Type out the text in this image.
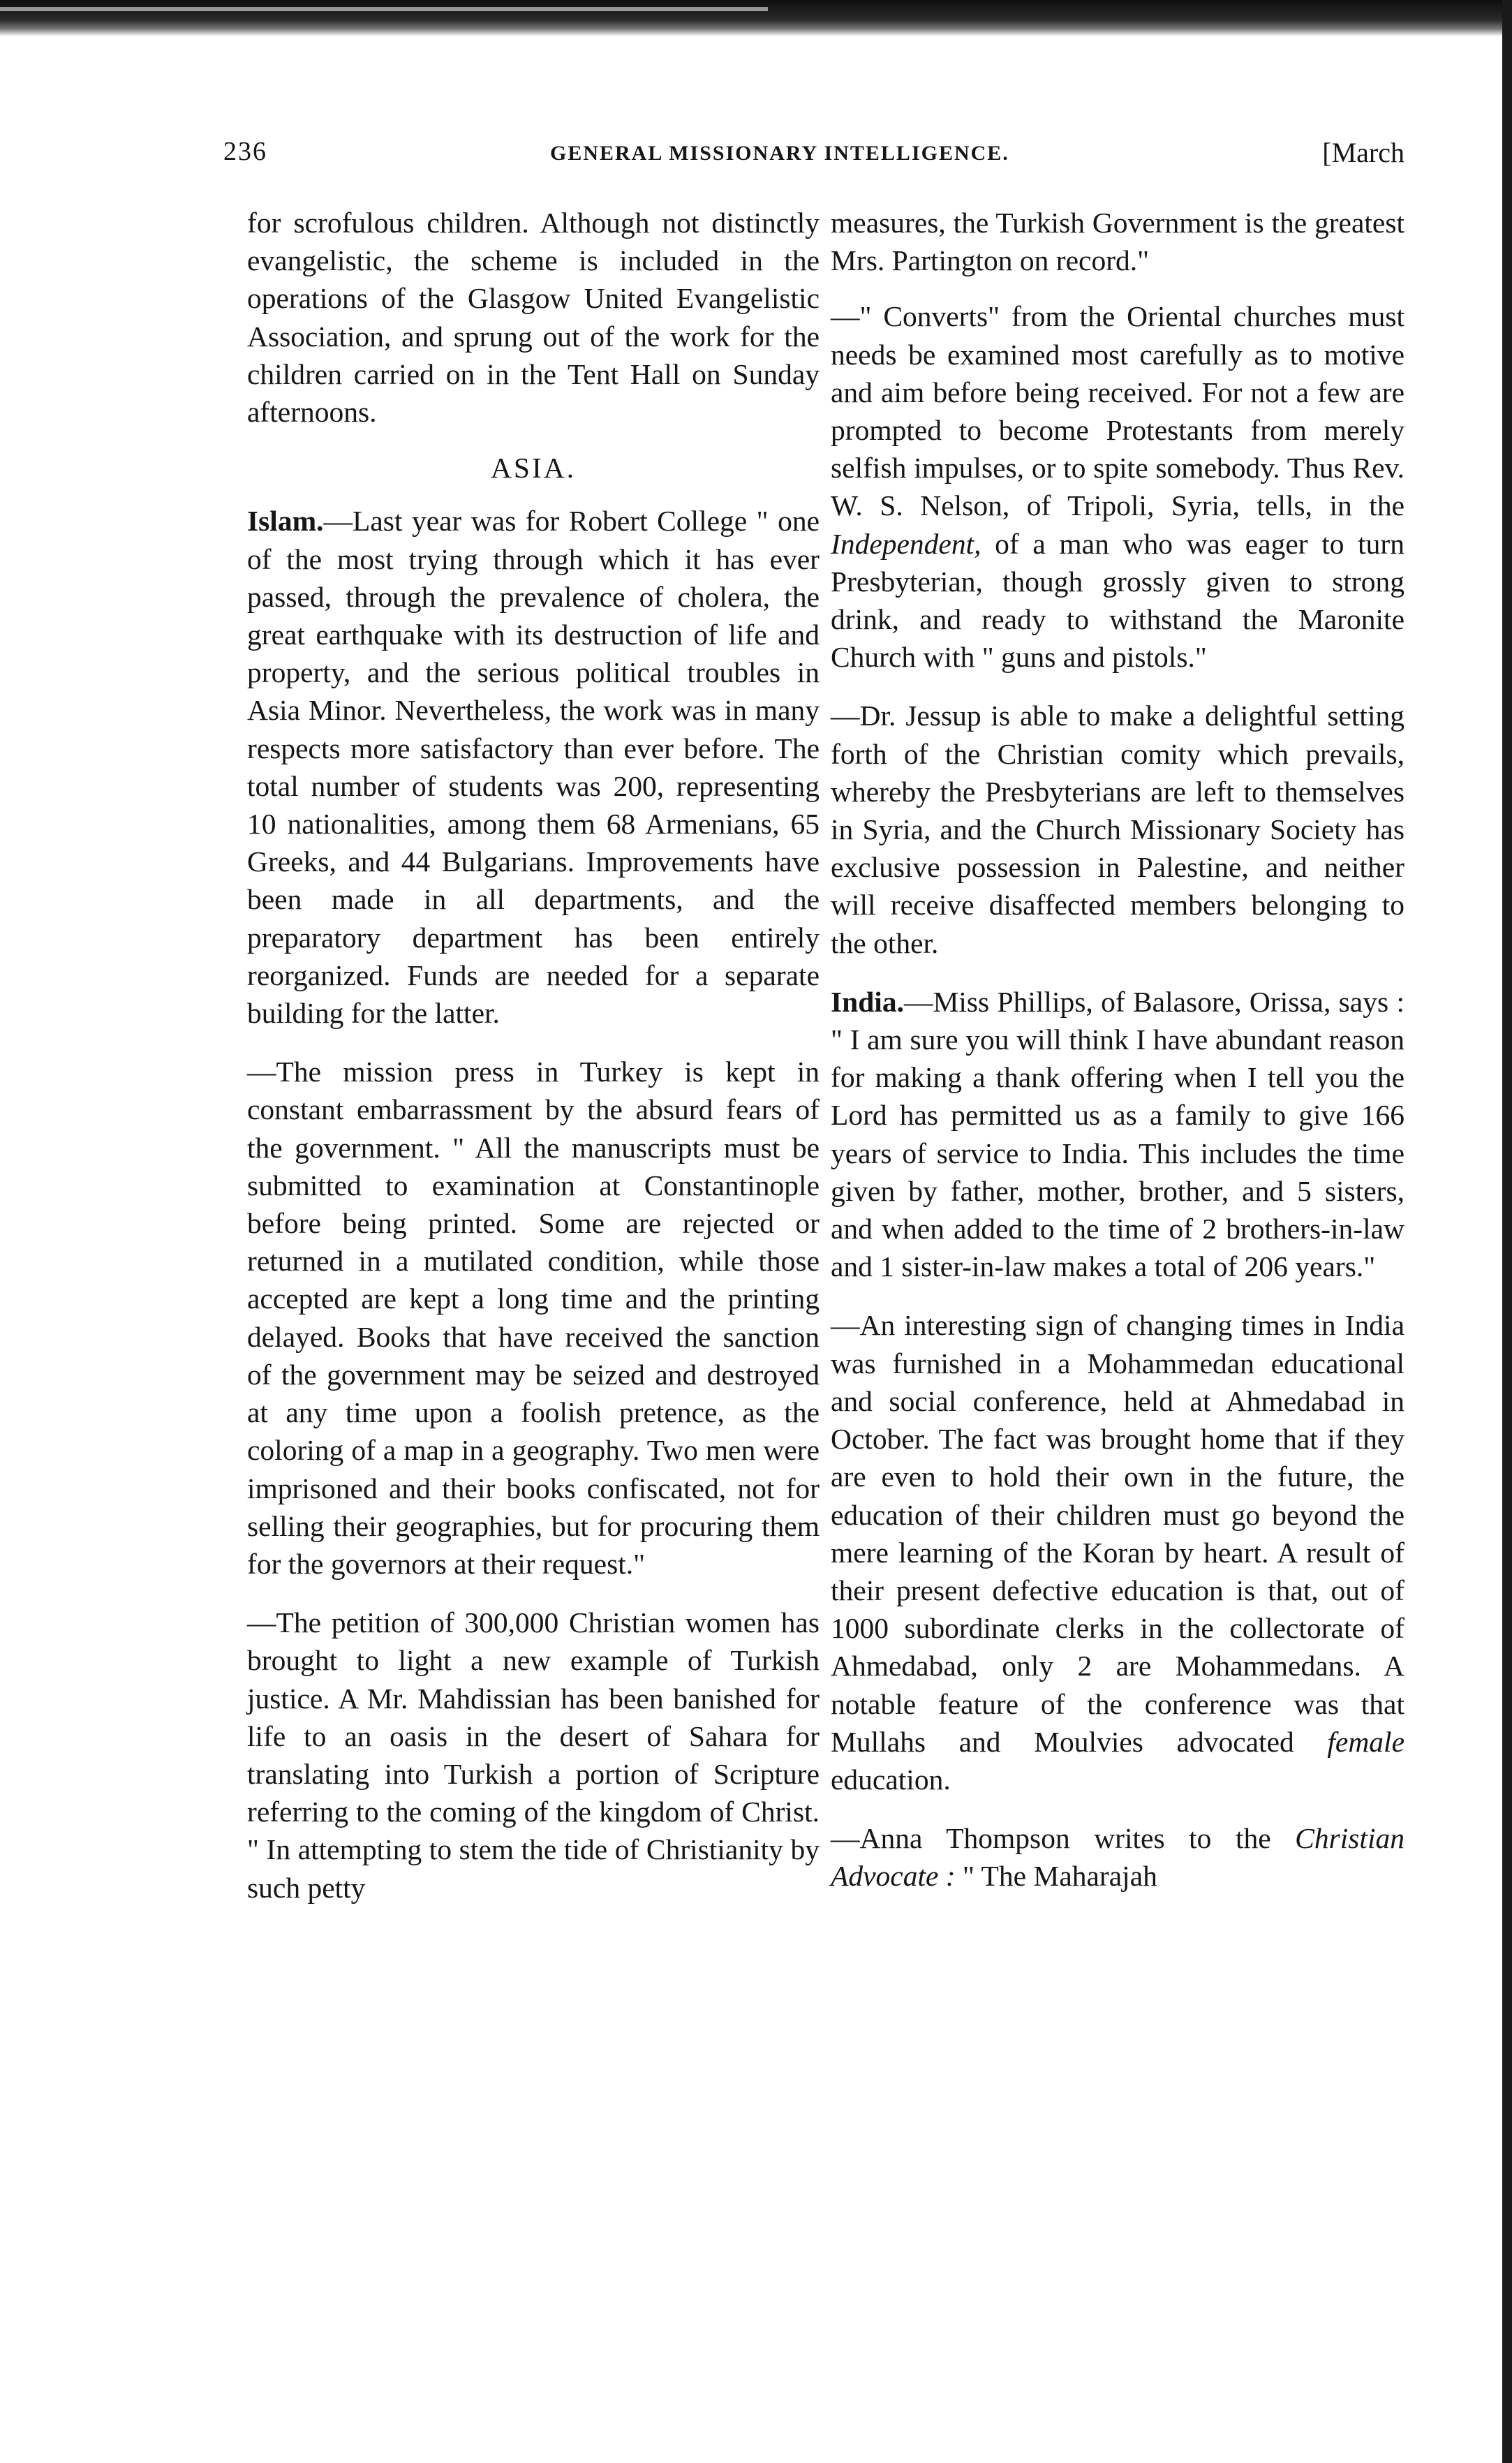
236	GENERAL MISSIONARY INTELLIGENCE.	[March

for scrofulous children. Although not distinctly evangelistic, the scheme is included in the operations of the Glasgow United Evangelistic Association, and sprung out of the work for the children carried on in the Tent Hall on Sunday afternoons.

ASIA.

Islam.—Last year was for Robert College " one of the most trying through which it has ever passed, through the prevalence of cholera, the great earthquake with its destruction of life and property, and the serious political troubles in Asia Minor. Nevertheless, the work was in many respects more satisfactory than ever before. The total number of students was 200, representing 10 nationalities, among them 68 Armenians, 65 Greeks, and 44 Bulgarians. Improvements have been made in all departments, and the preparatory department has been entirely reorganized. Funds are needed for a separate building for the latter.

—The mission press in Turkey is kept in constant embarrassment by the absurd fears of the government. " All the manuscripts must be submitted to examination at Constantinople before being printed. Some are rejected or returned in a mutilated condition, while those accepted are kept a long time and the printing delayed. Books that have received the sanction of the government may be seized and destroyed at any time upon a foolish pretence, as the coloring of a map in a geography. Two men were imprisoned and their books confiscated, not for selling their geographies, but for procuring them for the governors at their request."

—The petition of 300,000 Christian women has brought to light a new example of Turkish justice. A Mr. Mahdissian has been banished for life to an oasis in the desert of Sahara for translating into Turkish a portion of Scripture referring to the coming of the kingdom of Christ. " In attempting to stem the tide of Christianity by such petty

measures, the Turkish Government is the greatest Mrs. Partington on record."

—" Converts" from the Oriental churches must needs be examined most carefully as to motive and aim before being received. For not a few are prompted to become Protestants from merely selfish impulses, or to spite somebody. Thus Rev. W. S. Nelson, of Tripoli, Syria, tells, in the Independent, of a man who was eager to turn Presbyterian, though grossly given to strong drink, and ready to withstand the Maronite Church with " guns and pistols."

—Dr. Jessup is able to make a delightful setting forth of the Christian comity which prevails, whereby the Presbyterians are left to themselves in Syria, and the Church Missionary Society has exclusive possession in Palestine, and neither will receive disaffected members belonging to the other.

India.—Miss Phillips, of Balasore, Orissa, says : " I am sure you will think I have abundant reason for making a thank offering when I tell you the Lord has permitted us as a family to give 166 years of service to India. This includes the time given by father, mother, brother, and 5 sisters, and when added to the time of 2 brothers-in-law and 1 sister-in-law makes a total of 206 years."

—An interesting sign of changing times in India was furnished in a Mohammedan educational and social conference, held at Ahmedabad in October. The fact was brought home that if they are even to hold their own in the future, the education of their children must go beyond the mere learning of the Koran by heart. A result of their present defective education is that, out of 1000 subordinate clerks in the collectorate of Ahmedabad, only 2 are Mohammedans. A notable feature of the conference was that Mullahs and Moulvies advocated female education.

—Anna Thompson writes to the Christian Advocate : " The Maharajah
